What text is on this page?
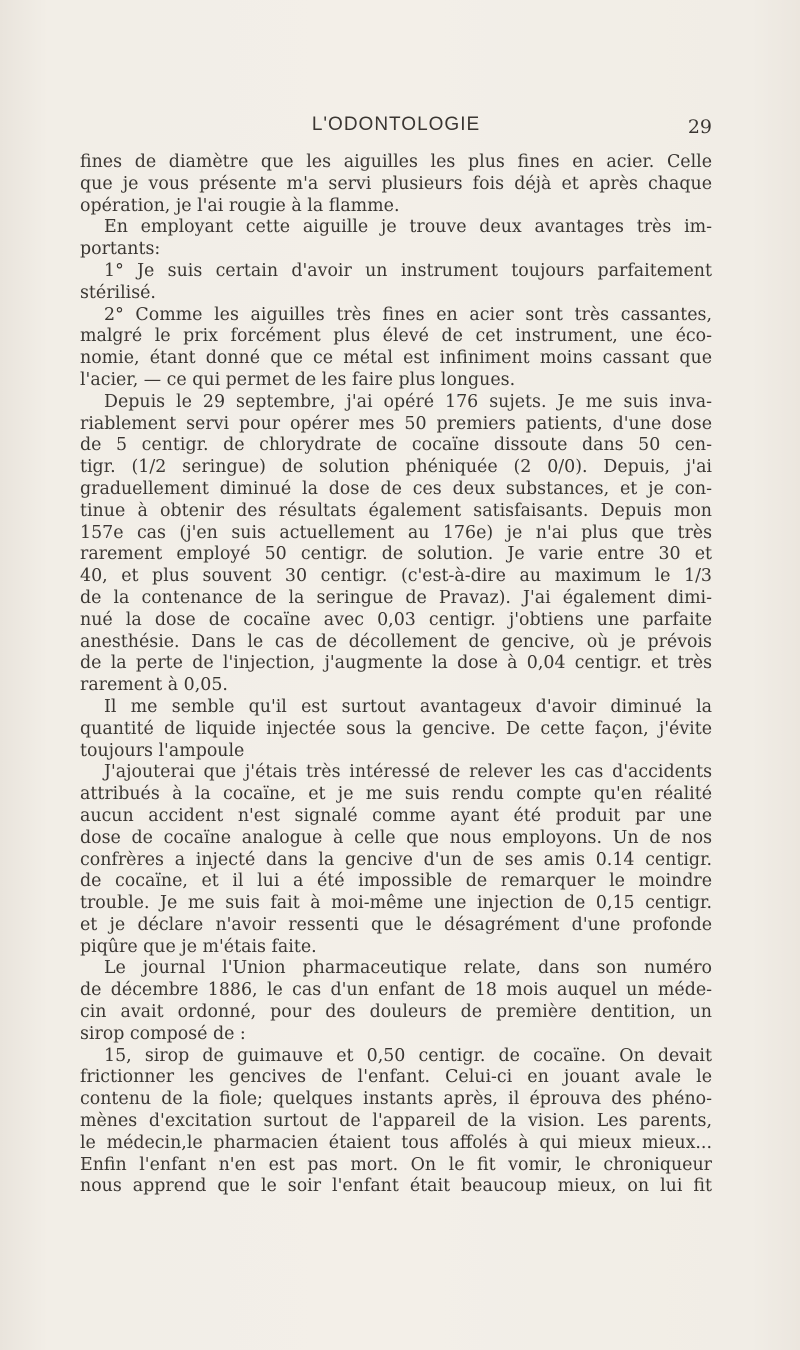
L'ODONTOLOGIE	29
fines de diamètre que les aiguilles les plus fines en acier. Celle
que je vous présente m'a servi plusieurs fois déjà et après chaque
opération, je l'ai rougie à la flamme.
En employant cette aiguille je trouve deux avantages très im-
portants:
1° Je suis certain d'avoir un instrument toujours parfaitement
stérilisé.
2° Comme les aiguilles très fines en acier sont très cassantes,
malgré le prix forcément plus élevé de cet instrument, une éco-
nomie, étant donné que ce métal est infiniment moins cassant que
l'acier, — ce qui permet de les faire plus longues.
Depuis le 29 septembre, j'ai opéré 176 sujets. Je me suis inva-
riablement servi pour opérer mes 50 premiers patients, d'une dose
de 5 centigr. de chlorydrate de cocaïne dissoute dans 50 cen-
tigr. (1/2 seringue) de solution phéniquée (2 0/0). Depuis, j'ai
graduellement diminué la dose de ces deux substances, et je con-
tinue à obtenir des résultats également satisfaisants. Depuis mon
157e cas (j'en suis actuellement au 176e) je n'ai plus que très
rarement employé 50 centigr. de solution. Je varie entre 30 et
40, et plus souvent 30 centigr. (c'est-à-dire au maximum le 1/3
de la contenance de la seringue de Pravaz). J'ai également dimi-
nué la dose de cocaïne avec 0,03 centigr. j'obtiens une parfaite
anesthésie. Dans le cas de décollement de gencive, où je prévois
de la perte de l'injection, j'augmente la dose à 0,04 centigr. et très
rarement à 0,05.
Il me semble qu'il est surtout avantageux d'avoir diminué la
quantité de liquide injectée sous la gencive. De cette façon, j'évite
toujours l'ampoule
J'ajouterai que j'étais très intéressé de relever les cas d'accidents
attribués à la cocaïne, et je me suis rendu compte qu'en réalité
aucun accident n'est signalé comme ayant été produit par une
dose de cocaïne analogue à celle que nous employons. Un de nos
confrères a injecté dans la gencive d'un de ses amis 0.14 centigr.
de cocaïne, et il lui a été impossible de remarquer le moindre
trouble. Je me suis fait à moi-même une injection de 0,15 centigr.
et je déclare n'avoir ressenti que le désagrément d'une profonde
piqûre que je m'étais faite.
Le journal l'Union pharmaceutique relate, dans son numéro
de décembre 1886, le cas d'un enfant de 18 mois auquel un méde-
cin avait ordonné, pour des douleurs de première dentition, un
sirop composé de :
15, sirop de guimauve et 0,50 centigr. de cocaïne. On devait
frictionner les gencives de l'enfant. Celui-ci en jouant avale le
contenu de la fiole; quelques instants après, il éprouva des phéno-
mènes d'excitation surtout de l'appareil de la vision. Les parents,
le médecin,le pharmacien étaient tous affolés à qui mieux mieux...
Enfin l'enfant n'en est pas mort. On le fit vomir, le chroniqueur
nous apprend que le soir l'enfant était beaucoup mieux, on lui fit
